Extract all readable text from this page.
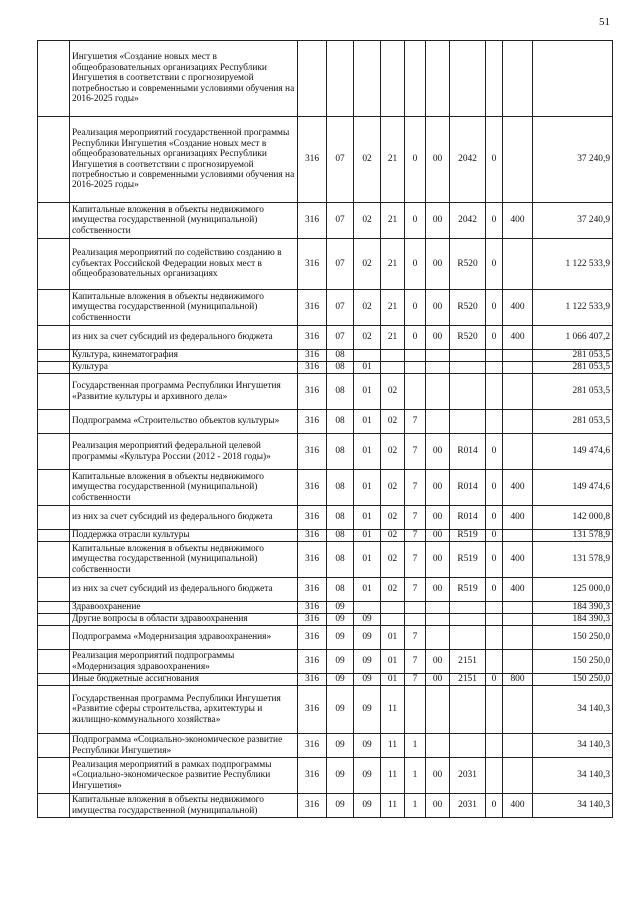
51
	Ингушетия «Создание новых мест в общеобразовательных организациях Республики Ингушетия в соответствии с прогнозируемой потребностью и современными условиями обучения на 2016-2025 годы»										
	Реализация мероприятий государственной программы Республики Ингушетия «Создание новых мест в общеобразовательных организациях Республики Ингушетия в соответствии с прогнозируемой потребностью и современными условиями обучения на 2016-2025 годы»	316	07	02	21	0	00	2042	0		37 240,9
	Капитальные вложения в объекты недвижимого имущества государственной (муниципальной) собственности	316	07	02	21	0	00	2042	0	400	37 240,9
	Реализация мероприятий по содействию созданию в субъектах Российской Федерации новых мест в общеобразовательных организациях	316	07	02	21	0	00	R520	0		1 122 533,9
	Капитальные вложения в объекты недвижимого имущества государственной (муниципальной) собственности	316	07	02	21	0	00	R520	0	400	1 122 533,9
	из них за счет субсидий из федерального бюджета	316	07	02	21	0	00	R520	0	400	1 066 407,2
	Культура, кинематография	316	08								281 053,5
	Культура	316	08	01							281 053,5
	Государственная программа Республики Ингушетия «Развитие культуры и архивного дела»	316	08	01	02						281 053,5
	Подпрограмма «Строительство объектов культуры»	316	08	01	02	7					281 053,5
	Реализация мероприятий федеральной целевой программы «Культура России (2012 - 2018 годы)»	316	08	01	02	7	00	R014	0		149 474,6
	Капитальные вложения в объекты недвижимого имущества государственной (муниципальной) собственности	316	08	01	02	7	00	R014	0	400	149 474,6
	из них за счет субсидий из федерального бюджета	316	08	01	02	7	00	R014	0	400	142 000,8
	Поддержка отрасли культуры	316	08	01	02	7	00	R519	0		131 578,9
	Капитальные вложения в объекты недвижимого имущества государственной (муниципальной) собственности	316	08	01	02	7	00	R519	0	400	131 578,9
	из них за счет субсидий из федерального бюджета	316	08	01	02	7	00	R519	0	400	125 000,0
	Здравоохранение	316	09								184 390,3
	Другие вопросы в области здравоохранения	316	09	09							184 390,3
	Подпрограмма «Модернизация здравоохранения»	316	09	09	01	7					150 250,0
	Реализация мероприятий подпрограммы «Модернизация здравоохранения»	316	09	09	01	7	00	2151			150 250,0
	Иные бюджетные ассигнования	316	09	09	01	7	00	2151	0	800	150 250,0
	Государственная программа Республики Ингушетия «Развитие сферы строительства, архитектуры и жилищно-коммунального хозяйства»	316	09	09	11						34 140,3
	Подпрограмма «Социально-экономическое развитие Республики Ингушетия»	316	09	09	11	1					34 140,3
	Реализация мероприятий в рамках подпрограммы «Социально-экономическое развитие Республики Ингушетия»	316	09	09	11	1	00	2031			34 140,3
	Капитальные вложения в объекты недвижимого имущества государственной (муниципальной)	316	09	09	11	1	00	2031	0	400	34 140,3
